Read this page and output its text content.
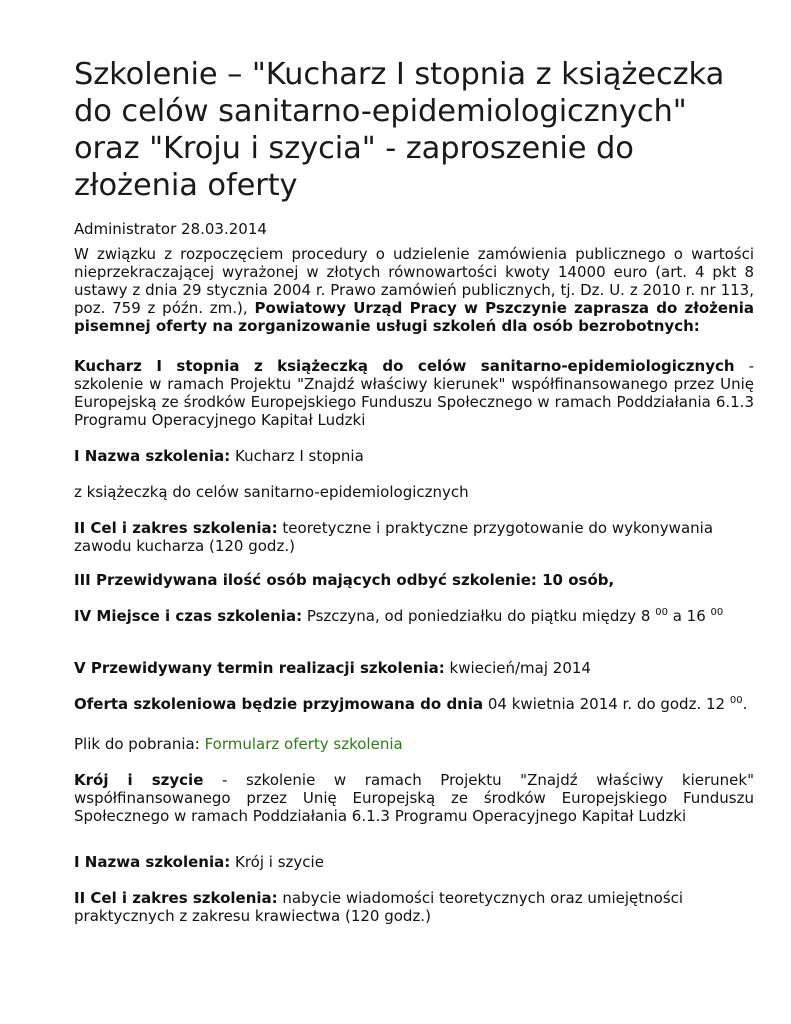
Szkolenie – "Kucharz I stopnia z książeczka do celów sanitarno-epidemiologicznych" oraz "Kroju i szycia" - zaproszenie do złożenia oferty
Administrator 28.03.2014

W związku z rozpoczęciem procedury o udzielenie zamówienia publicznego o wartości nieprzekraczającej wyrażonej w złotych równowartości kwoty 14000 euro (art. 4 pkt 8 ustawy z dnia 29 stycznia 2004 r. Prawo zamówień publicznych, tj. Dz. U. z 2010 r. nr 113, poz. 759 z późn. zm.), Powiatowy Urząd Pracy w Pszczynie zaprasza do złożenia pisemnej oferty na zorganizowanie usługi szkoleń dla osób bezrobotnych:

Kucharz I stopnia z książeczką do celów sanitarno-epidemiologicznych - szkolenie w ramach Projektu "Znajdź właściwy kierunek" współfinansowanego przez Unię Europejską ze środków Europejskiego Funduszu Społecznego w ramach Poddziałania 6.1.3 Programu Operacyjnego Kapitał Ludzki

I Nazwa szkolenia: Kucharz I stopnia

z książeczką do celów sanitarno-epidemiologicznych

II Cel i zakres szkolenia: teoretyczne i praktyczne przygotowanie do wykonywania zawodu kucharza (120 godz.)

III Przewidywana ilość osób mających odbyć szkolenie: 10 osób,

IV Miejsce i czas szkolenia: Pszczyna, od poniedziałku do piątku między 8 $^{00}$ a 16 $^{00}$

V Przewidywany termin realizacji szkolenia: kwiecień/maj 2014

Oferta szkoleniowa będzie przyjmowana do dnia 04 kwietnia 2014 r. do godz. 12 $^{00}$.

Plik do pobrania: Formularz oferty szkolenia

Krój i szycie - szkolenie w ramach Projektu "Znajdź właściwy kierunek" współfinansowanego przez Unię Europejską ze środków Europejskiego Funduszu Społecznego w ramach Poddziałania 6.1.3 Programu Operacyjnego Kapitał Ludzki

I Nazwa szkolenia: Krój i szycie

II Cel i zakres szkolenia: nabycie wiadomości teoretycznych oraz umiejętności praktycznych z zakresu krawiectwa (120 godz.)
